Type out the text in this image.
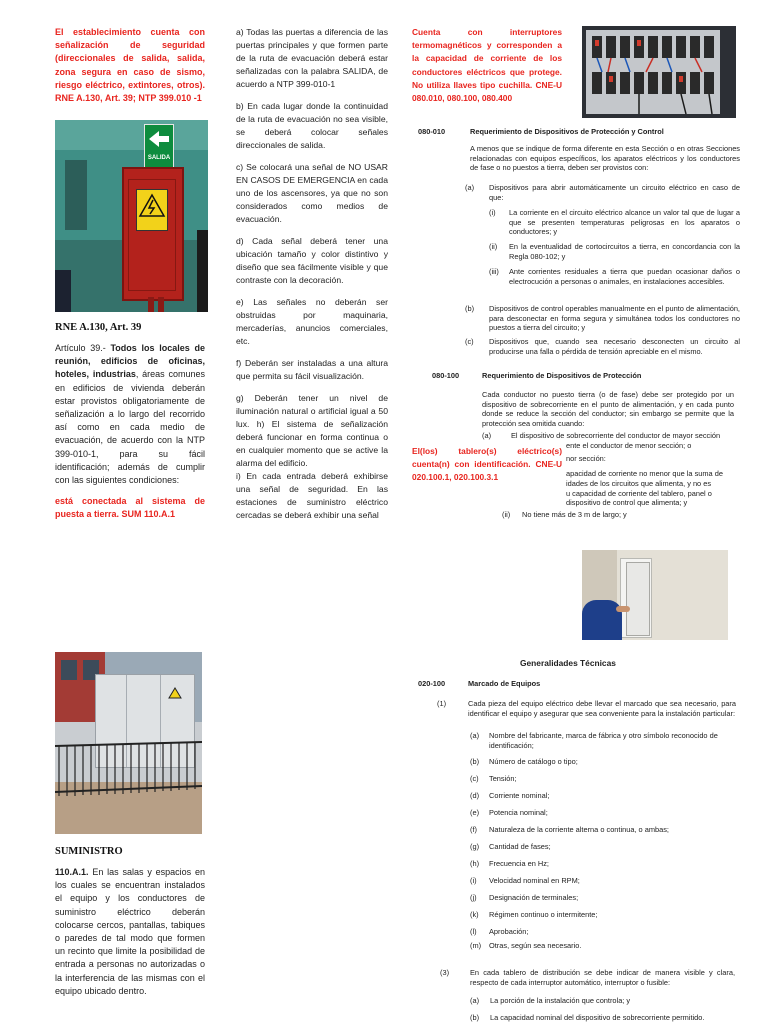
El establecimiento cuenta con señalización de seguridad (direccionales de salida, salida, zona segura en caso de sismo, riesgo eléctrico, extintores, otros). RNE A.130, Art. 39; NTP 399.010 -1
SALIDA
RNE A.130, Art. 39
Artículo 39.- Todos los locales de reunión, edificios de oficinas, hoteles, industrias, áreas comunes en edificios de vivienda deberán estar provistos obligatoriamente de señalización a lo largo del recorrido así como en cada medio de evacuación, de acuerdo con la NTP 399-010-1, para su fácil identificación; además de cumplir con las siguientes condiciones:
está conectada al sistema de puesta a tierra. SUM 110.A.1
SUMINISTRO
110.A.1. En las salas y espacios en los cuales se encuentran instalados el equipo y los conductores de suministro eléctrico deberán colocarse cercos, pantallas, tabiques o paredes de tal modo que formen un recinto que limite la posibilidad de entrada a personas no autorizadas o la interferencia de las mismas con el equipo ubicado dentro.

a) Todas las puertas a diferencia de las puertas principales y que formen parte de la ruta de evacuación deberá estar señalizadas con la palabra SALIDA, de acuerdo a NTP 399-010-1

b) En cada lugar donde la continuidad de la ruta de evacuación no sea visible, se deberá colocar señales direccionales de salida.

c) Se colocará una señal de NO USAR EN CASOS DE EMERGENCIA en cada uno de los ascensores, ya que no son considerados como medios de evacuación.

d) Cada señal deberá tener una ubicación tamaño y color distintivo y diseño que sea fácilmente visible y que contraste con la decoración.

e) Las señales no deberán ser obstruidas por maquinaria, mercaderías, anuncios comerciales, etc.

f) Deberán ser instaladas a una altura que permita su fácil visualización.

g) Deberán tener un nivel de iluminación natural o artificial igual a 50 lux. h) El sistema de señalización deberá funcionar en forma continua o en cualquier momento que se active la alarma del edificio.

i) En cada entrada deberá exhibirse una señal de seguridad. En las estaciones de suministro eléctrico cercadas se deberá exhibir una señal

Cuenta con interruptores termomagnéticos y corresponden a la capacidad de corriente de los conductores eléctricos que protege. No utiliza llaves tipo cuchilla. CNE-U 080.010, 080.100, 080.400
080-010	Requerimiento de Dispositivos de Protección y Control
A menos que se indique de forma diferente en esta Sección o en otras Secciones relacionadas con equipos específicos, los aparatos eléctricos y los conductores de fase o no puestos a tierra, deben ser provistos con:
(a) Dispositivos para abrir automáticamente un circuito eléctrico en caso de que:
(i) La corriente en el circuito eléctrico alcance un valor tal que de lugar a que se presenten temperaturas peligrosas en los aparatos o conductores; y
(ii) En la eventualidad de cortocircuitos a tierra, en concordancia con la Regla 080-102; y
(iii) Ante corrientes residuales a tierra que puedan ocasionar daños o electrocución a personas o animales, en instalaciones accesibles.
(b) Dispositivos de control operables manualmente en el punto de alimentación, para desconectar en forma segura y simultánea todos los conductores no puestos a tierra del circuito; y
(c) Dispositivos que, cuando sea necesario desconecten un circuito al producirse una falla o pérdida de tensión apreciable en el mismo.
080-100	Requerimiento de Dispositivos de Protección
Cada conductor no puesto tierra (o de fase) debe ser protegido por un dispositivo de sobrecorriente en el punto de alimentación, y en cada punto donde se reduce la sección del conductor; sin embargo se permite que la protección sea omitida cuando:
(a)	El dispositivo de sobrecorriente del conductor de mayor sección
ente el conductor de menor sección; o
nor sección:
apacidad de corriente no menor que la suma de
idades de los circuitos que alimenta, y no es
u capacidad de corriente del tablero, panel o
dispositivo de control que alimenta; y
(ii) No tiene más de 3 m de largo; y
El(los) tablero(s) eléctrico(s) cuenta(n) con identificación. CNE-U 020.100.1, 020.100.3.1
Generalidades Técnicas
020-100	Marcado de Equipos
(1)	Cada pieza del equipo eléctrico debe llevar el marcado que sea necesario, para identificar el equipo y asegurar que sea conveniente para la instalación particular:
(a) Nombre del fabricante, marca de fábrica y otro símbolo reconocido de identificación;
(b) Número de catálogo o tipo;
(c) Tensión;
(d) Corriente nominal;
(e) Potencia nominal;
(f) Naturaleza de la corriente alterna o continua, o ambas;
(g) Cantidad de fases;
(h) Frecuencia en Hz;
(i) Velocidad nominal en RPM;
(j) Designación de terminales;
(k) Régimen continuo o intermitente;
(l) Aprobación;
(m) Otras, según sea necesario.
(3)	En cada tablero de distribución se debe indicar de manera visible y clara, respecto de cada interruptor automático, interruptor o fusible:
(a) La porción de la instalación que controla; y
(b) La capacidad nominal del dispositivo de sobrecorriente permitido.
